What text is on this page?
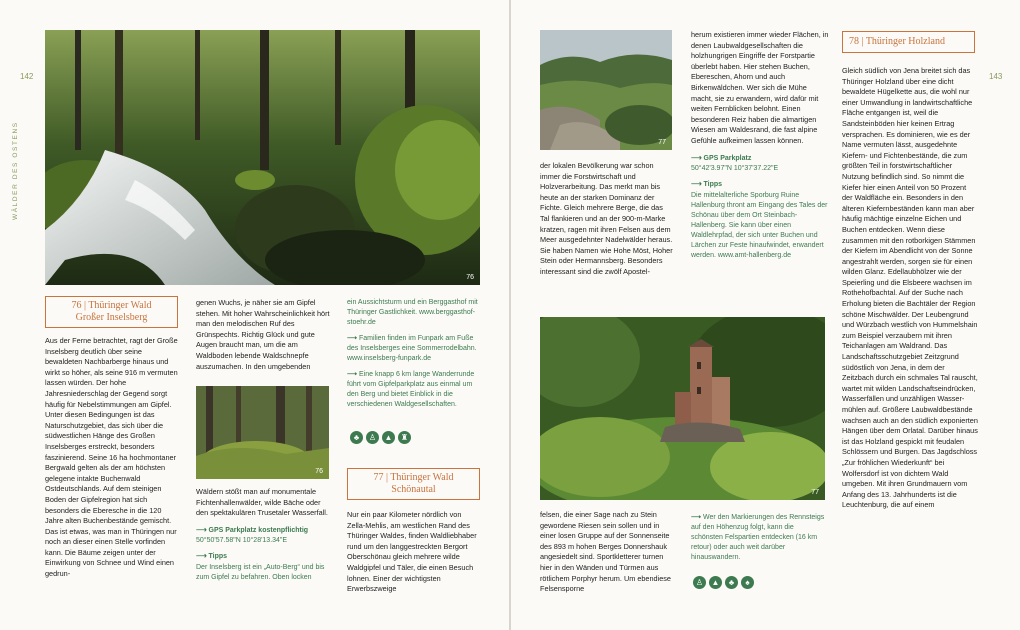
142
WÄLDER DES OSTENS
76
76 | Thüringer Wald
Großer Inselsberg

Aus der Ferne betrachtet, ragt der Große Inselsberg deutlich über seine bewaldeten Nachbarberge hinaus und wirkt so höher, als seine 916 m vermuten lassen würden. Der hohe Jahresniederschlag der Gegend sorgt häufig für Nebelstimmungen am Gipfel. Unter diesen Bedingungen ist das Naturschutzgebiet, das sich über die südwestlichen Hänge des Großen Inselsberges erstreckt, besonders faszinierend. Seine 16 ha hochmontaner Bergwald gelten als der am höchsten gelegene intakte Buchenwald Ostdeutschlands. Auf dem steinigen Boden der Gipfelregion hat sich besonders die Eberesche in die 120 Jahre alten Buchenbestände gemischt. Das ist etwas, was man in Thüringen nur noch an dieser einen Stelle vorfinden kann. Die Bäume zeigen unter der Einwirkung von Schnee und Wind einen gedrun-

genen Wuchs, je näher sie am Gipfel stehen. Mit hoher Wahrscheinlichkeit hört man den melodischen Ruf des Grünspechts. Richtig Glück und gute Augen braucht man, um die am Waldboden lebende Waldschnepfe auszumachen. In den umgebenden

76

Wäldern stößt man auf monumentale Fichtenhallenwälder, wilde Bäche oder den spektakulären Trusetaler Wasserfall.

⟶ GPS Parkplatz kostenpflichtig

50°50'57.58"N 10°28'13.34"E

⟶ Tipps

Der Inselsberg ist ein „Auto-Berg“ und bis zum Gipfel zu befahren. Oben locken

ein Aussichtsturm und ein Berggasthof mit Thüringer Gastlichkeit. www.berggasthof-stoehr.de

⟶ Familien finden im Funpark am Fuße des Inselsberges eine Sommerrodelbahn. www.inselsberg-funpark.de

⟶ Eine knapp 6 km lange Wanderrunde führt vom Gipfelparkplatz aus einmal um den Berg und bietet Einblick in die verschiedenen Waldgesellschaften.

♣	♙	▲	♜
77 | Thüringer Wald
Schönautal

Nur ein paar Kilometer nördlich von Zella-Mehlis, am westlichen Rand des Thüringer Waldes, finden Waldliebhaber rund um den langgestreckten Bergort Oberschönau gleich mehrere wilde Waldgipfel und Täler, die einen Besuch lohnen. Einer der wichtigsten Erwerbszweige

143
77

der lokalen Bevölkerung war schon immer die Forstwirtschaft und Holzverarbeitung. Das merkt man bis heute an der starken Dominanz der Fichte. Gleich mehrere Berge, die das Tal flankieren und an der 900-m-Marke kratzen, ragen mit ihren Felsen aus dem Meer ausgedehnter Nadelwälder heraus. Sie haben Namen wie Hohe Möst, Hoher Stein oder Hermannsberg. Besonders interessant sind die zwölf Apostel-

herum existieren immer wieder Flächen, in denen Laubwaldgesellschaften die holzhungrigen Eingriffe der Forstpartie überlebt haben. Hier stehen Buchen, Ebereschen, Ahorn und auch Birkenwäldchen. Wer sich die Mühe macht, sie zu erwandern, wird dafür mit weiten Fernblicken belohnt. Einen besonderen Reiz haben die almartigen Wiesen am Waldesrand, die fast alpine Gefühle aufkeimen lassen können.

⟶ GPS Parkplatz

50°42'3.97"N 10°37'37.22"E

⟶ Tipps

Die mittelalterliche Sporburg Ruine Hallenburg thront am Eingang des Tales der Schönau über dem Ort Steinbach-Hallenberg. Sie kann über einen Waldlehrpfad, der sich unter Buchen und Lärchen zur Feste hinaufwindet, erwandert werden. www.amt-hallenberg.de

77

felsen, die einer Sage nach zu Stein gewordene Riesen sein sollen und in einer losen Gruppe auf der Sonnenseite des 893 m hohen Berges Donnershauk angesiedelt sind. Sportkletterer turnen hier in den Wänden und Türmen aus rötlichem Porphyr herum. Um ebendiese Felsensporne

⟶ Wer den Markierungen des Rennsteigs auf den Höhenzug folgt, kann die schönsten Felspartien entdecken (16 km retour) oder auch weit darüber hinauswandern.

♙	▲	♣	♠
78 | Thüringer Holzland

Gleich südlich von Jena breitet sich das Thüringer Holzland über eine dicht bewaldete Hügelkette aus, die wohl nur einer Umwandlung in landwirtschaftliche Fläche entgangen ist, weil die Sandsteinböden hier keinen Ertrag versprachen. Es dominieren, wie es der Name vermuten lässt, ausgedehnte Kiefern- und Fichtenbestände, die zum größten Teil in forstwirtschaftlicher Nutzung befindlich sind. So nimmt die Kiefer hier einen Anteil von 50 Prozent der Waldfläche ein. Besonders in den älteren Kiefernbeständen kann man aber häufig mächtige einzelne Eichen und Buchen entdecken. Wenn diese zusammen mit den rotborkigen Stämmen der Kiefern im Abendlicht von der Sonne angestrahlt werden, sorgen sie für einen wilden Glanz. Edellaubhölzer wie der Speierling und die Elsbeere wachsen im Rothehofbachtal. Auf der Suche nach Erholung bieten die Bachtäler der Region schöne Mischwälder. Der Leubengrund und Würzbach westlich von Hummelshain zum Beispiel verzaubern mit ihren Teichanlagen am Waldrand. Das Landschaftsschutzgebiet Zeitzgrund südöstlich von Jena, in dem der Zeitzbach durch ein schmales Tal rauscht, wartet mit wilden Landschaftseindrücken, Wasserfällen und unzähligen Wassermühlen auf. Größere Laubwaldbestände wachsen auch an den südlich exponierten Hängen über dem Orlatal. Darüber hinaus ist das Holzland gespickt mit feudalen Schlössern und Burgen. Das Jagdschloss „Zur fröhlichen Wiederkunft“ bei Wolfersdorf ist von dichtem Wald umgeben. Mit ihren Grundmauern vom Anfang des 13. Jahrhunderts ist die Leuchtenburg, die auf einem
